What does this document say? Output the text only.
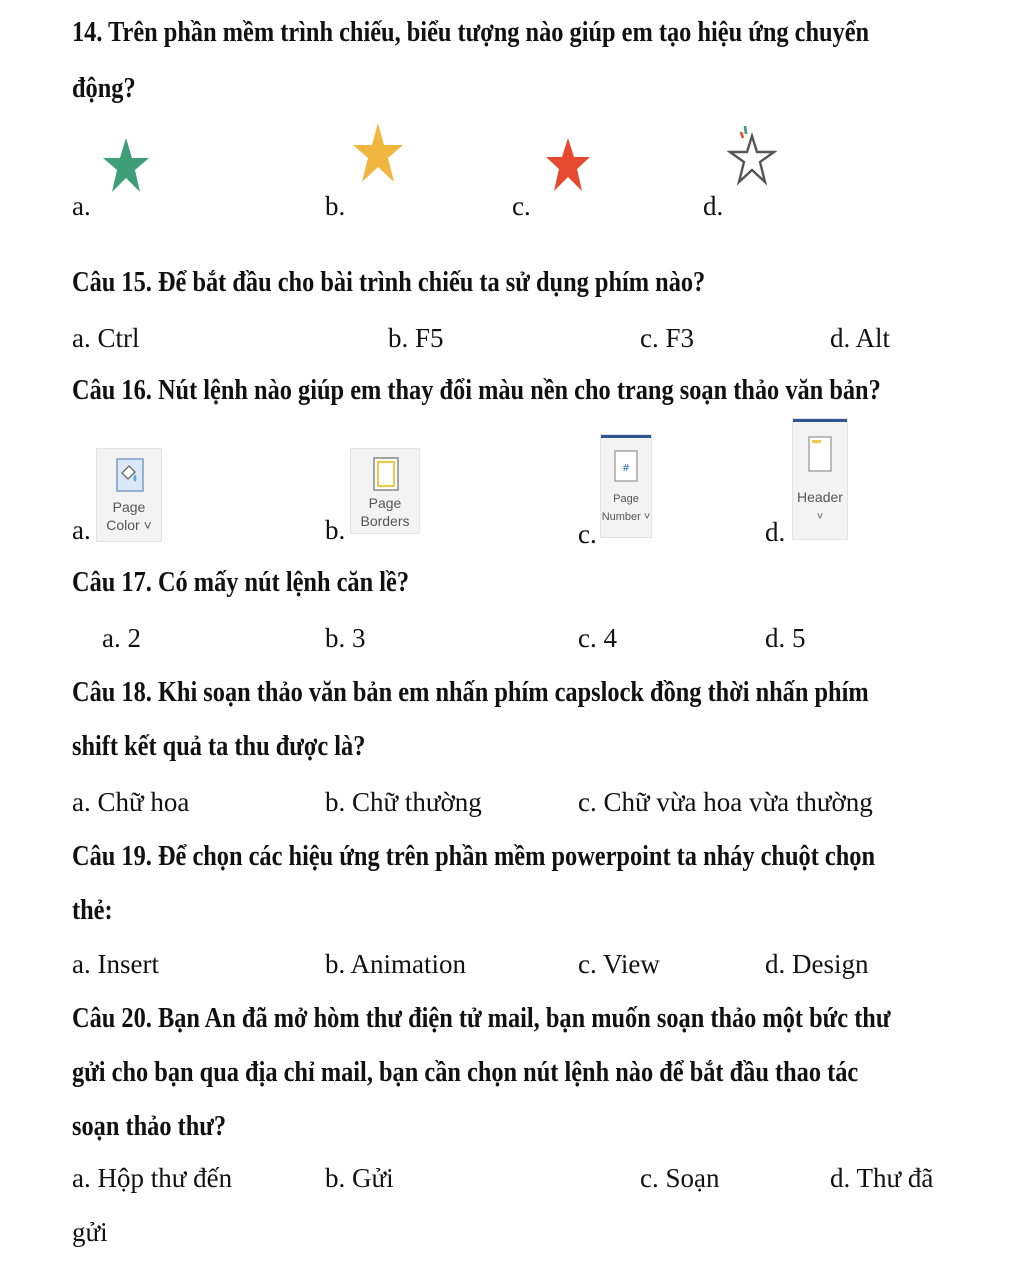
14. Trên phần mềm trình chiếu, biểu tượng nào giúp em tạo hiệu ứng chuyển
động?
a.	b.	c.	d.
Câu 15. Để bắt đầu cho bài trình chiếu ta sử dụng phím nào?
a. Ctrl	b. F5	c. F3	d. Alt
Câu 16. Nút lệnh nào giúp em thay đổi màu nền cho trang soạn thảo văn bản?
a.
Page
Color ˅	b.
Page
Borders	c.
#
Page
Number ˅	d.
Header
˅
Câu 17. Có mấy nút lệnh căn lề?
a. 2	b. 3	c. 4	d. 5
Câu 18. Khi soạn thảo văn bản em nhấn phím capslock đồng thời nhấn phím
shift kết quả ta thu được là?
a. Chữ hoa	b. Chữ thường	c. Chữ vừa hoa vừa thường
Câu 19. Để chọn các hiệu ứng trên phần mềm powerpoint ta nháy chuột chọn
thẻ:
a. Insert	b. Animation	c. View	d. Design
Câu 20. Bạn An đã mở hòm thư điện tử mail, bạn muốn soạn thảo một bức thư
gửi cho bạn qua địa chỉ mail, bạn cần chọn nút lệnh nào để bắt đầu thao tác
soạn thảo thư?
a. Hộp thư đến	b. Gửi	c. Soạn	d. Thư đã
gửi
